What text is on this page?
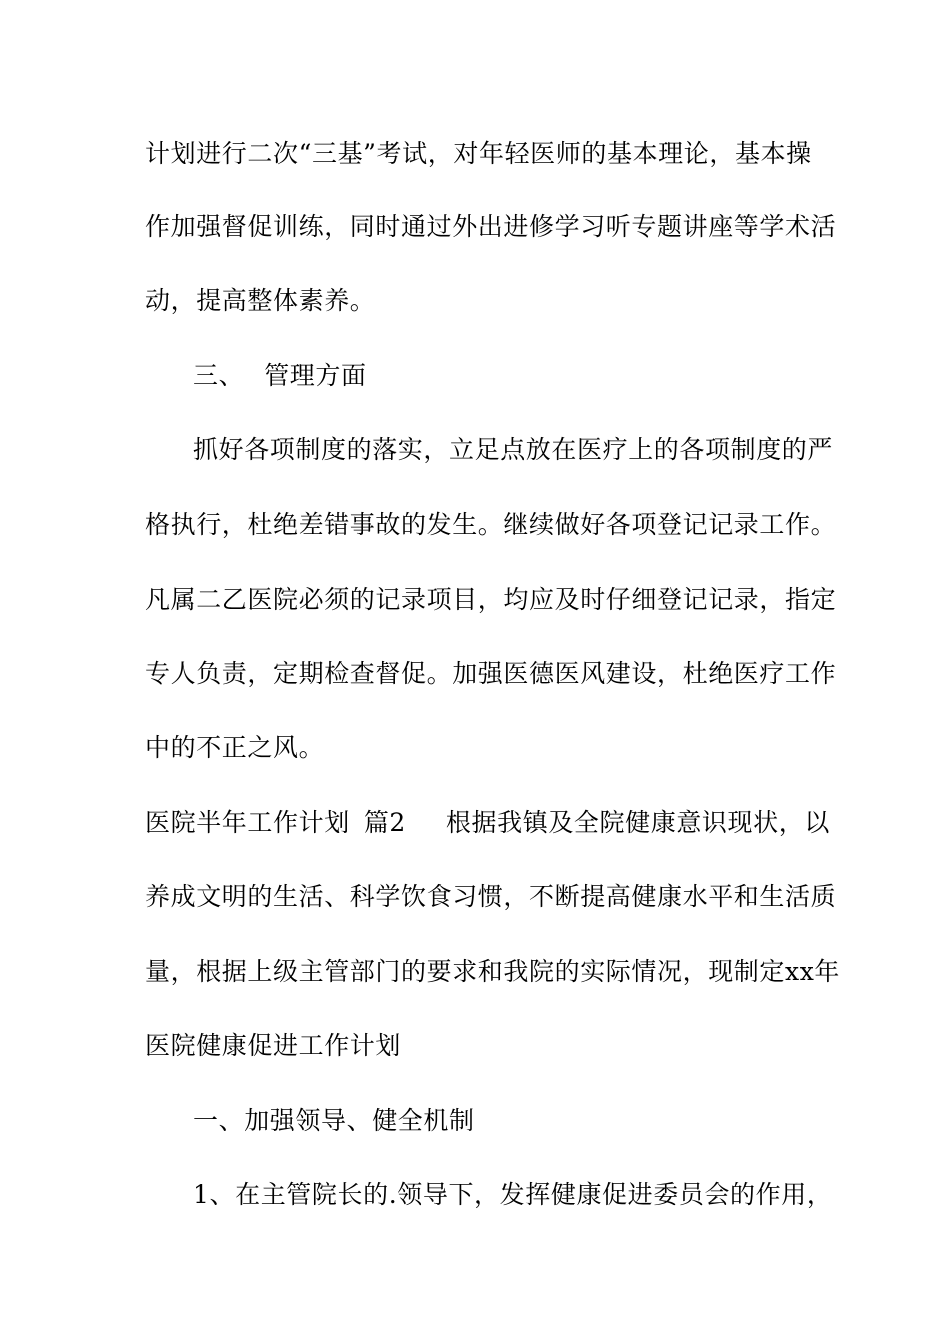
计划进行二次“三基”考试，对年轻医师的基本理论，基本操
作加强督促训练，同时通过外出进修学习听专题讲座等学术活
动，提高整体素养。
三、 管理方面
抓好各项制度的落实，立足点放在医疗上的各项制度的严
格执行，杜绝差错事故的发生。继续做好各项登记记录工作。
凡属二乙医院必须的记录项目，均应及时仔细登记记录，指定
专人负责，定期检查督促。加强医德医风建设，杜绝医疗工作
中的不正之风。
医院半年工作计划 篇2 根据我镇及全院健康意识现状，以
养成文明的生活、科学饮食习惯，不断提高健康水平和生活质
量，根据上级主管部门的要求和我院的实际情况，现制定xx年
医院健康促进工作计划
一、加强领导、健全机制
1、在主管院长的.领导下，发挥健康促进委员会的作用，
